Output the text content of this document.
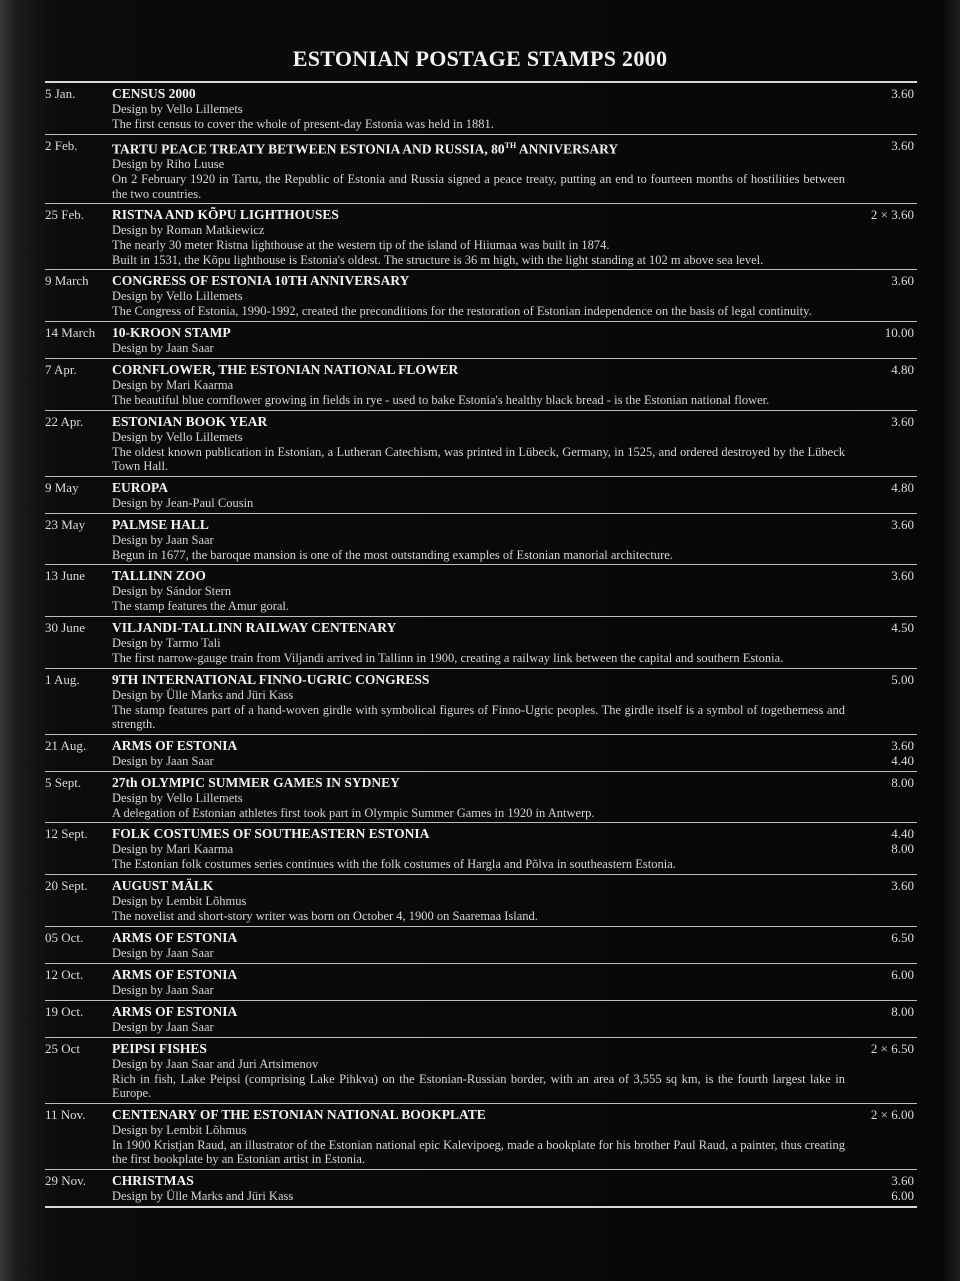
ESTONIAN POSTAGE STAMPS 2000
5 Jan.	CENSUS 2000
Design by Vello Lillemets
The first census to cover the whole of present-day Estonia was held in 1881.
3.60
2 Feb.	TARTU PEACE TREATY BETWEEN ESTONIA AND RUSSIA, 80TH ANNIVERSARY
Design by Riho Luuse
On 2 February 1920 in Tartu, the Republic of Estonia and Russia signed a peace treaty, putting an end to fourteen months of hostilities between the two countries.
3.60
25 Feb.	RISTNA AND KÕPU LIGHTHOUSES
Design by Roman Matkiewicz
The nearly 30 meter Ristna lighthouse at the western tip of the island of Hiiumaa was built in 1874.
Built in 1531, the Kõpu lighthouse is Estonia's oldest. The structure is 36 m high, with the light standing at 102 m above sea level.
2 × 3.60
9 March	CONGRESS OF ESTONIA 10TH ANNIVERSARY
Design by Vello Lillemets
The Congress of Estonia, 1990-1992, created the preconditions for the restoration of Estonian independence on the basis of legal continuity.
3.60
14 March	10-KROON STAMP
Design by Jaan Saar
10.00
7 Apr.	CORNFLOWER, THE ESTONIAN NATIONAL FLOWER
Design by Mari Kaarma
The beautiful blue cornflower growing in fields in rye - used to bake Estonia's healthy black bread - is the Estonian national flower.
4.80
22 Apr.	ESTONIAN BOOK YEAR
Design by Vello Lillemets
The oldest known publication in Estonian, a Lutheran Catechism, was printed in Lübeck, Germany, in 1525, and ordered destroyed by the Lübeck Town Hall.
3.60
9 May	EUROPA
Design by Jean-Paul Cousin
4.80
23 May	PALMSE HALL
Design by Jaan Saar
Begun in 1677, the baroque mansion is one of the most outstanding examples of Estonian manorial architecture.
3.60
13 June	TALLINN ZOO
Design by Sándor Stern
The stamp features the Amur goral.
3.60
30 June	VILJANDI-TALLINN RAILWAY CENTENARY
Design by Tarmo Tali
The first narrow-gauge train from Viljandi arrived in Tallinn in 1900, creating a railway link between the capital and southern Estonia.
4.50
1 Aug.	9TH INTERNATIONAL FINNO-UGRIC CONGRESS
Design by Ülle Marks and Jüri Kass
The stamp features part of a hand-woven girdle with symbolical figures of Finno-Ugric peoples. The girdle itself is a symbol of togetherness and strength.
5.00
21 Aug.	ARMS OF ESTONIA
Design by Jaan Saar
3.60
4.40
5 Sept.	27th OLYMPIC SUMMER GAMES IN SYDNEY
Design by Vello Lillemets
A delegation of Estonian athletes first took part in Olympic Summer Games in 1920 in Antwerp.
8.00
12 Sept.	FOLK COSTUMES OF SOUTHEASTERN ESTONIA
Design by Mari Kaarma
The Estonian folk costumes series continues with the folk costumes of Hargla and Põlva in southeastern Estonia.
4.40
8.00
20 Sept.	AUGUST MÄLK
Design by Lembit Lõhmus
The novelist and short-story writer was born on October 4, 1900 on Saaremaa Island.
3.60
05 Oct.	ARMS OF ESTONIA
Design by Jaan Saar
6.50
12 Oct.	ARMS OF ESTONIA
Design by Jaan Saar
6.00
19 Oct.	ARMS OF ESTONIA
Design by Jaan Saar
8.00
25 Oct	PEIPSI FISHES
Design by Jaan Saar and Juri Artsimenov
Rich in fish, Lake Peipsi (comprising Lake Pihkva) on the Estonian-Russian border, with an area of 3,555 sq km, is the fourth largest lake in Europe.
2 × 6.50
11 Nov.	CENTENARY OF THE ESTONIAN NATIONAL BOOKPLATE
Design by Lembit Lõhmus
In 1900 Kristjan Raud, an illustrator of the Estonian national epic Kalevipoeg, made a bookplate for his brother Paul Raud, a painter, thus creating the first bookplate by an Estonian artist in Estonia.
2 × 6.00
29 Nov.	CHRISTMAS
Design by Ülle Marks and Jüri Kass
3.60
6.00
